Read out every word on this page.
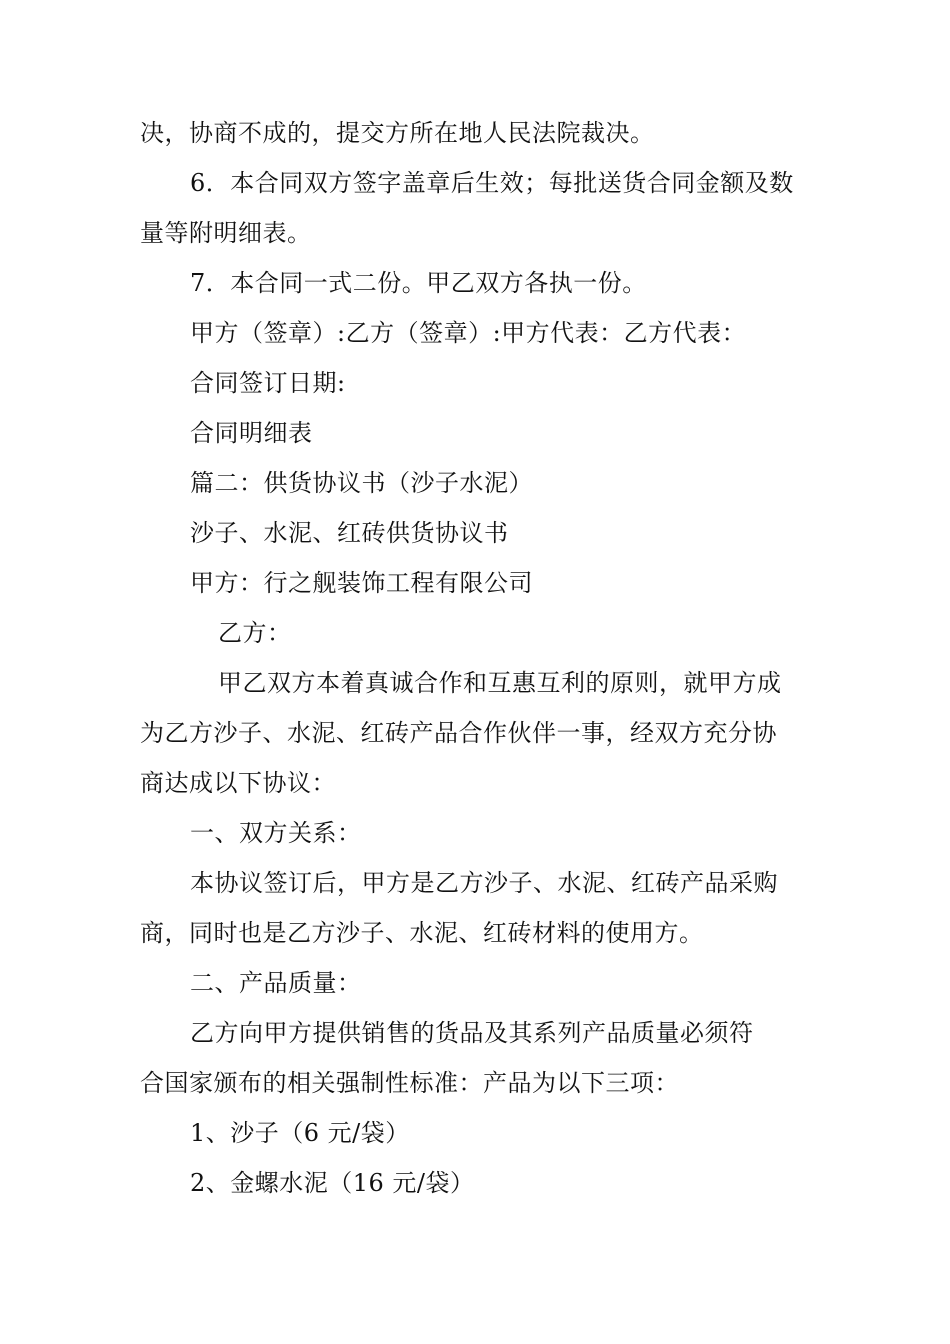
决，协商不成的，提交方所在地人民法院裁决。
6．本合同双方签字盖章后生效；每批送货合同金额及数
量等附明细表。
7．本合同一式二份。甲乙双方各执一份。
甲方（签章）:乙方（签章）:甲方代表：乙方代表：
合同签订日期:
合同明细表
篇二：供货协议书（沙子水泥）
沙子、水泥、红砖供货协议书
甲方：行之舰装饰工程有限公司
乙方：
甲乙双方本着真诚合作和互惠互利的原则，就甲方成
为乙方沙子、水泥、红砖产品合作伙伴一事，经双方充分协
商达成以下协议：
一、双方关系：
本协议签订后，甲方是乙方沙子、水泥、红砖产品采购
商，同时也是乙方沙子、水泥、红砖材料的使用方。
二、产品质量：
乙方向甲方提供销售的货品及其系列产品质量必须符
合国家颁布的相关强制性标准：产品为以下三项：
1、沙子（6 元/袋）
2、金螺水泥（16 元/袋）
